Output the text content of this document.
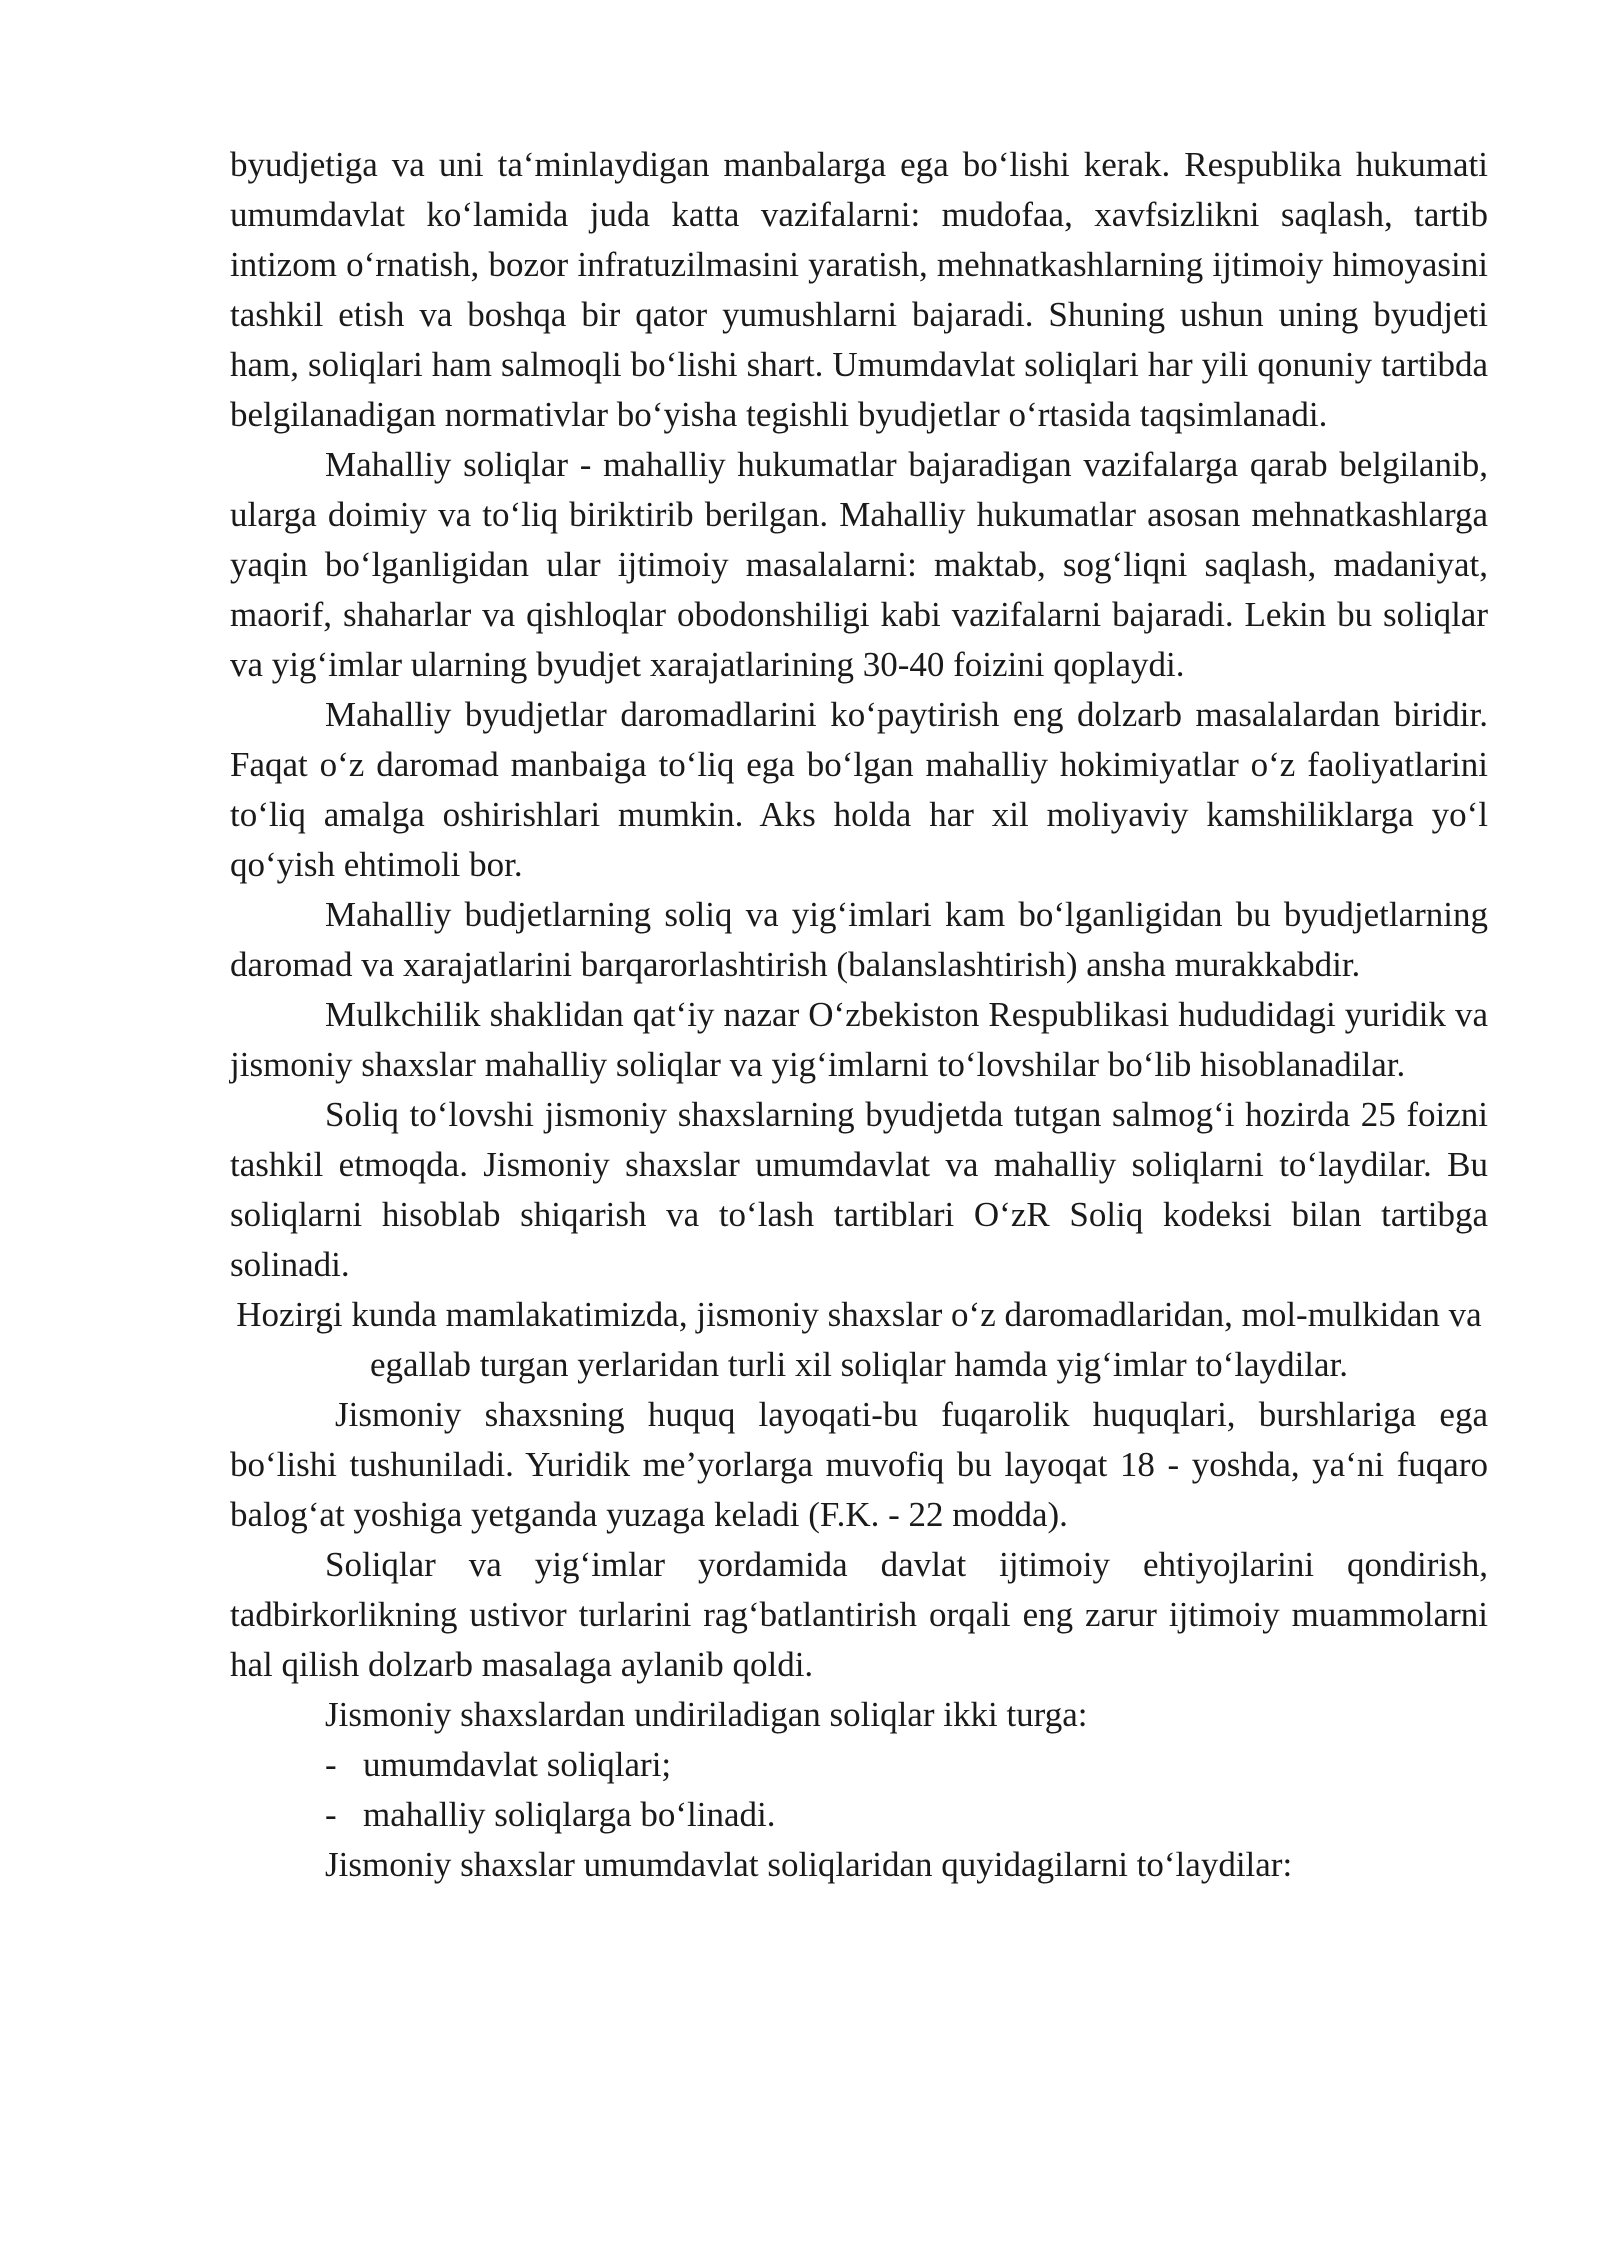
byudjetiga va uni taʻminlaydigan manbalarga ega boʻlishi kerak. Respublika hukumati umumdavlat koʻlamida juda katta vazifalarni: mudofaa, xavfsizlikni saqlash, tartib intizom oʻrnatish, bozor infratuzilmasini yaratish, mehnatkashlarning ijtimoiy himoyasini tashkil etish va boshqa bir qator yumushlarni bajaradi. Shuning ushun uning byudjeti ham, soliqlari ham salmoqli boʻlishi shart. Umumdavlat soliqlari har yili qonuniy tartibda belgilanadigan normativlar boʻyisha tegishli byudjetlar oʻrtasida taqsimlanadi.

Mahalliy soliqlar - mahalliy hukumatlar bajaradigan vazifalarga qarab belgilanib, ularga doimiy va toʻliq biriktirib berilgan. Mahalliy hukumatlar asosan mehnatkashlarga yaqin boʻlganligidan ular ijtimoiy masalalarni: maktab, sogʻliqni saqlash, madaniyat, maorif, shaharlar va qishloqlar obodonshiligi kabi vazifalarni bajaradi. Lekin bu soliqlar va yigʻimlar ularning byudjet xarajatlarining 30-40 foizini qoplaydi.

Mahalliy byudjetlar daromadlarini koʻpaytirish eng dolzarb masalalardan biridir. Faqat oʻz daromad manbaiga toʻliq ega boʻlgan mahalliy hokimiyatlar oʻz faoliyatlarini toʻliq amalga oshirishlari mumkin. Aks holda har xil moliyaviy kamshiliklarga yoʻl qoʻyish ehtimoli bor.

Mahalliy budjetlarning soliq va yigʻimlari kam boʻlganligidan bu byudjetlarning daromad va xarajatlarini barqarorlashtirish (balanslashtirish) ansha murakkabdir.

Mulkchilik shaklidan qatʻiy nazar Oʻzbekiston Respublikasi hududidagi yuridik va jismoniy shaxslar mahalliy soliqlar va yigʻimlarni toʻlovshilar boʻlib hisoblanadilar.

Soliq toʻlovshi jismoniy shaxslarning byudjetda tutgan salmogʻi hozirda 25 foizni tashkil etmoqda. Jismoniy shaxslar umumdavlat va mahalliy soliqlarni toʻlaydilar. Bu soliqlarni hisoblab shiqarish va toʻlash tartiblari OʻzR Soliq kodeksi bilan tartibga solinadi.

Hozirgi kunda mamlakatimizda, jismoniy shaxslar oʻz daromadlaridan, mol-mulkidan va egallab turgan yerlaridan turli xil soliqlar hamda yigʻimlar toʻlaydilar.

Jismoniy shaxsning huquq layoqati-bu fuqarolik huquqlari, burshlariga ega boʻlishi tushuniladi. Yuridik meʼyorlarga muvofiq bu layoqat 18 - yoshda, yaʻni fuqaro balogʻat yoshiga yetganda yuzaga keladi (F.K. - 22 modda).

Soliqlar va yigʻimlar yordamida davlat ijtimoiy ehtiyojlarini qondirish, tadbirkorlikning ustivor turlarini ragʻbatlantirish orqali eng zarur ijtimoiy muammolarni hal qilish dolzarb masalaga aylanib qoldi.

Jismoniy shaxslardan undiriladigan soliqlar ikki turga:

- umumdavlat soliqlari;

- mahalliy soliqlarga boʻlinadi.

Jismoniy shaxslar umumdavlat soliqlaridan quyidagilarni toʻlaydilar:
